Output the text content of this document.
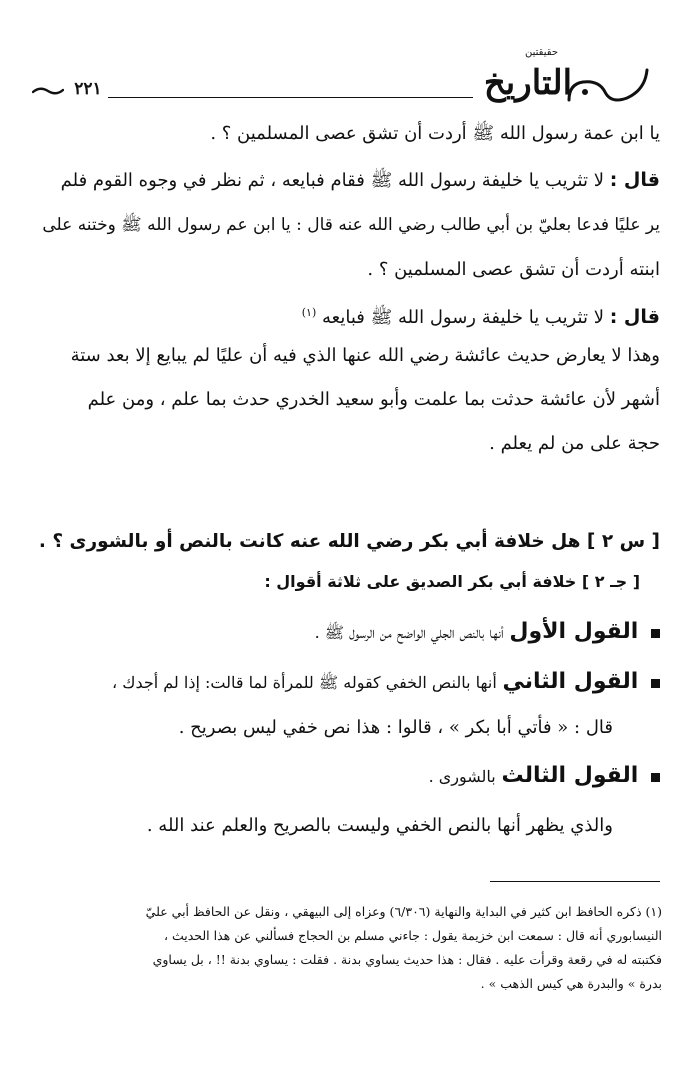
٢٢١
حقيقتين
التاريخ
يا ابن عمة رسول الله ﷺ أردت أن تشق عصى المسلمين ؟ .
قال : لا تثريب يا خليفة رسول الله ﷺ فقام فبايعه ، ثم نظر في وجوه القوم فلم
ير عليًا فدعا بعليّ بن أبي طالب رضي الله عنه قال : يا ابن عم رسول الله ﷺ وختنه على
ابنته أردت أن تشق عصى المسلمين ؟ .
قال : لا تثريب يا خليفة رسول الله ﷺ فبايعه $^{(١)}$
وهذا لا يعارض حديث عائشة رضي الله عنها الذي فيه أن عليًا لم يبايع إلا بعد ستة
أشهر لأن عائشة حدثت بما علمت وأبو سعيد الخدري حدث بما علم ، ومن علم
حجة على من لم يعلم .
[ س ٢ ] هل خلافة أبي بكر رضي الله عنه كانت بالنص أو بالشورى ؟ .
[ جـ ٢ ] خلافة أبي بكر الصديق على ثلاثة أقوال :
القول الأول أنها بالنص الجلي الواضح من الرسول ﷺ .
القول الثاني أنها بالنص الخفي كقوله ﷺ للمرأة لما قالت: إذا لم أجدك ،
قال : « فأتي أبا بكر » ، قالوا : هذا نص خفي ليس بصريح .
القول الثالث بالشورى .
والذي يظهر أنها بالنص الخفي وليست بالصريح والعلم عند الله .
(١) ذكره الحافظ ابن كثير في البداية والنهاية (٦/٣٠٦) وعزاه إلى البيهقي ، ونقل عن الحافظ أبي عليّ
النيسابوري أنه قال : سمعت ابن خزيمة يقول : جاءني مسلم بن الحجاج فسألني عن هذا الحديث ،
فكتبته له في رقعة وقرأت عليه . فقال : هذا حديث يساوي بدنة . فقلت : يساوي بدنة !! ، بل يساوي
بدرة » والبدرة هي كيس الذهب » .
